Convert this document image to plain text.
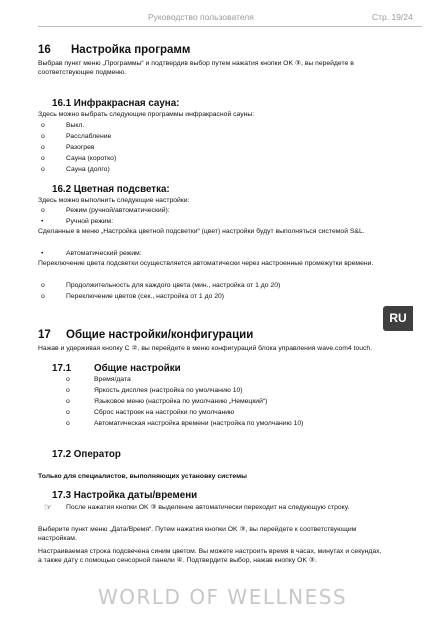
Руководство пользователя	Стр. 19/24
16 Настройка программ
Выбрав пункт меню „Программы“ и подтвердив выбор путем нажатия кнопки OK ③, вы перейдете в
соответствующее подменю.
16.1 Инфракрасная сауна:
Здесь можно выбрать следующие программы инфракрасной сауны:
o	Выкл.
o	Расслабление
o	Разогрев
o	Сауна (коротко)
o	Сауна (долго)
16.2 Цветная подсветка:
Здесь можно выполнить следующие настройки:
o	Режим (ручной/автоматический):
•	Ручной режим:
Сделанные в меню „Настройка цветной подсветки“ (цвет) настройки будут выполняться системой S&L.
•	Автоматический режим:
Переключение цвета подсветки осуществляется автоматически через настроенные промежутки времени.
o	Продолжительность для каждого цвета (мин., настройка от 1 до 20)
o	Переключение цветов (сек., настройка от 1 до 20)
RU
17 Общие настройки/конфигурации
Нажав и удерживая кнопку С ②, вы перейдете в меню конфигураций блока управления wave.com4 touch.
17.1 Общие настройки
o	Время/дата
o	Яркость дисплея (настройка по умолчанию 10)
o	Языковое меню (настройка по умолчанию „Немецкий“)
o	Сброс настроек на настройки по умолчанию
o	Автоматическая настройка времени (настройка по умолчанию 10)
17.2 Оператор
Только для специалистов, выполняющих установку системы
17.3 Настройка даты/времени
☞ После нажатия кнопки OK ③ выделение автоматически переходит на следующую строку.
Выберите пункт меню „Дата/Время“. Путем нажатия кнопки OK ③, вы перейдете к соответствующим
настройкам.
Настраиваемая строка подсвечена синим цветом. Вы можете настроить время в часах, минутах и секундах,
а также дату с помощью сенсорной панели ④. Подтвердите выбор, нажав кнопку OK ③.
WORLD OF WELLNESS
